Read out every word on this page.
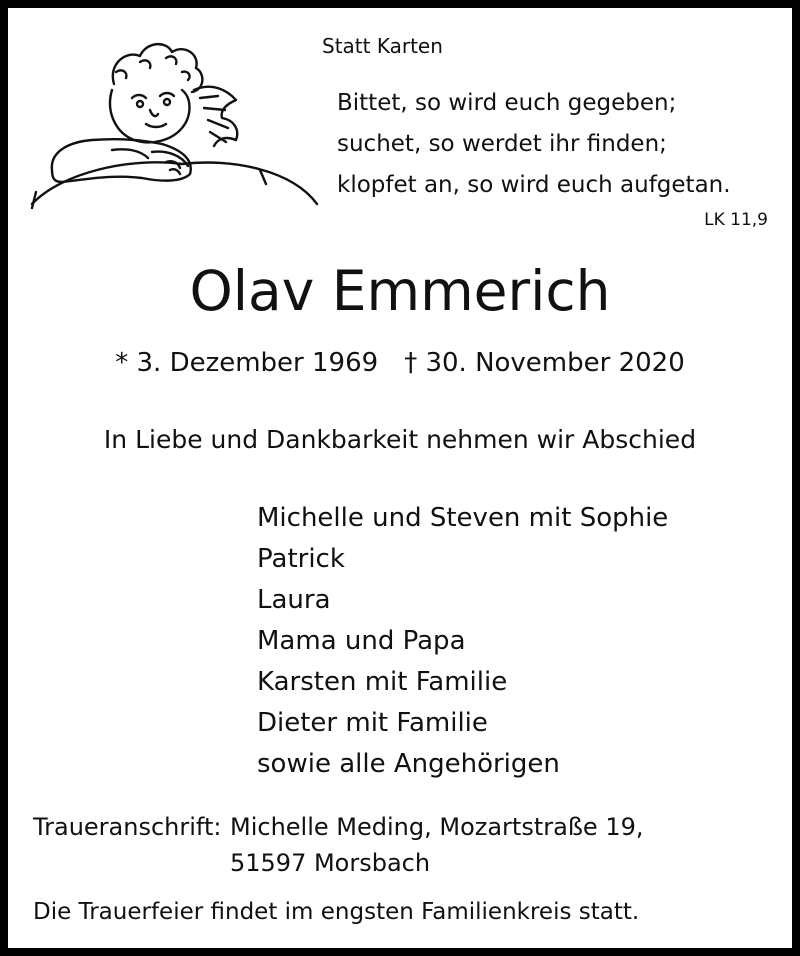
Statt Karten
Bittet, so wird euch gegeben;
suchet, so werdet ihr finden;
klopfet an, so wird euch aufgetan.
LK 11,9
Olav Emmerich
* 3. Dezember 1969 † 30. November 2020
In Liebe und Dankbarkeit nehmen wir Abschied
Michelle und Steven mit Sophie
Patrick
Laura
Mama und Papa
Karsten mit Familie
Dieter mit Familie
sowie alle Angehörigen
Traueranschrift: Michelle Meding, Mozartstraße 19,
51597 Morsbach
Die Trauerfeier findet im engsten Familienkreis statt.
